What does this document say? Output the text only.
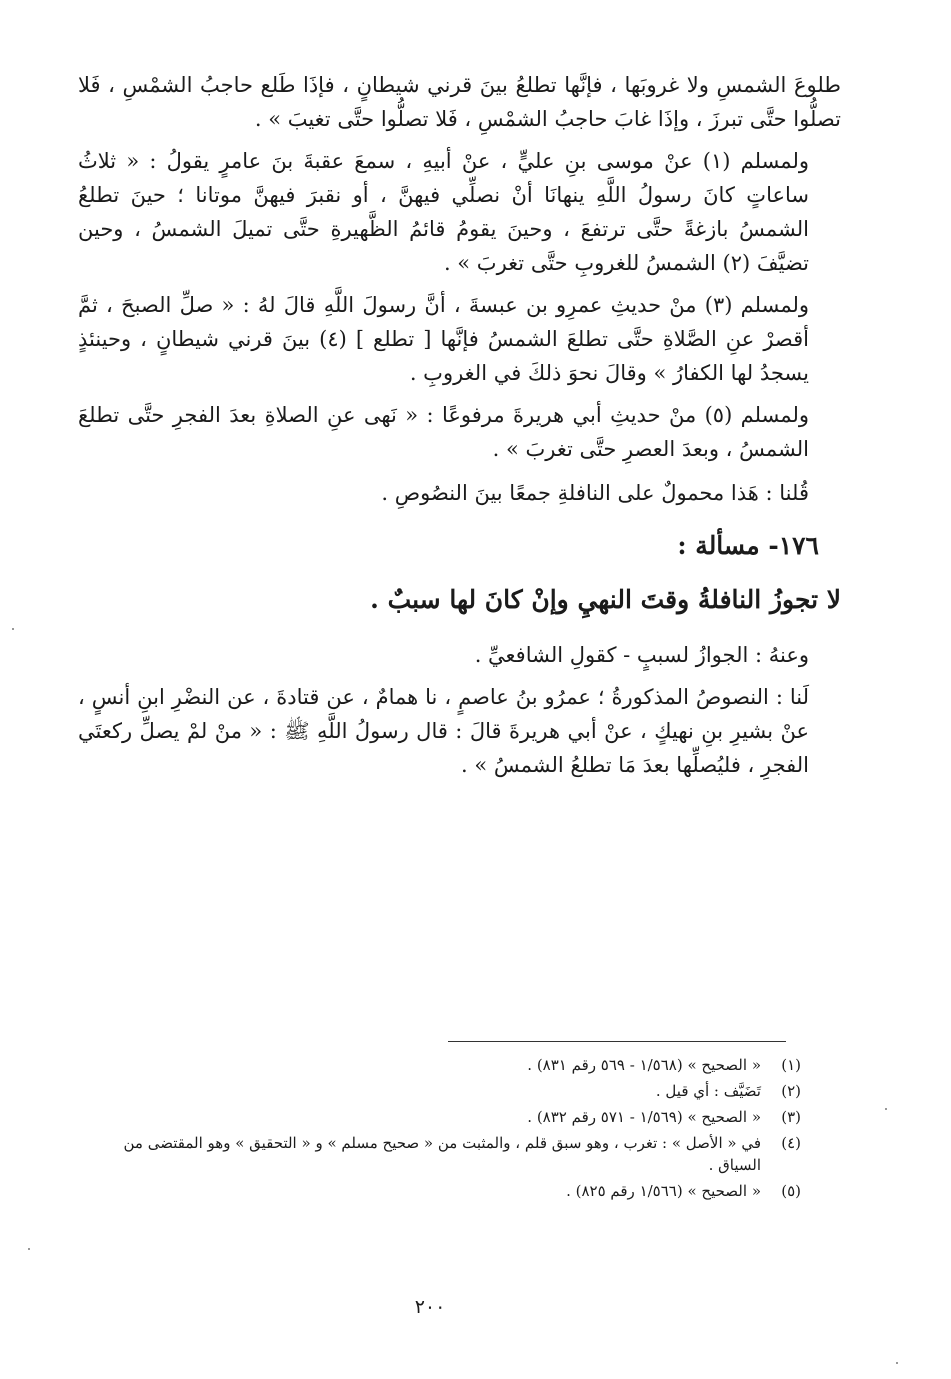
طلوعَ الشمسِ ولا غروبَها ، فإنَّها تطلعُ بينَ قرني شيطانٍ ، فإذَا طَلع حاجبُ الشمْسِ ، فَلا تصلُّوا حتَّى تبرزَ ، وإذَا غابَ حاجبُ الشمْسِ ، فَلا تصلُّوا حتَّى تغيبَ » .

ولمسلم (١) عنْ موسى بنِ عليٍّ ، عنْ أبيهِ ، سمعَ عقبةَ بنَ عامرٍ يقولُ : « ثلاثُ ساعاتٍ كانَ رسولُ اللَّهِ ينهانَا أنْ نصلِّي فيهنَّ ، أو نقبرَ فيهنَّ موتانا ؛ حينَ تطلعُ الشمسُ بازغةً حتَّى ترتفعَ ، وحينَ يقومُ قائمُ الظَّهيرةِ حتَّى تميلَ الشمسُ ، وحين تضيَّفَ (٢) الشمسُ للغروبِ حتَّى تغربَ » .

ولمسلم (٣) منْ حديثِ عمرِو بن عبسةَ ، أنَّ رسولَ اللَّهِ قالَ لهُ : « صلِّ الصبحَ ، ثمَّ أقصرْ عنِ الصَّلاةِ حتَّى تطلعَ الشمسُ فإنَّها [ تطلع ] (٤) بينَ قرني شيطانٍ ، وحينئذٍ يسجدُ لها الكفارُ » وقالَ نحوَ ذلكَ في الغروبِ .

ولمسلم (٥) منْ حديثِ أبي هريرةَ مرفوعًا : « نَهى عنِ الصلاةِ بعدَ الفجرِ حتَّى تطلعَ الشمسُ ، وبعدَ العصرِ حتَّى تغربَ » .

قُلنا : هَذا محمولٌ على النافلةِ جمعًا بينَ النصُوصِ .

١٧٦- مسألة :
لا تجوزُ النافلةُ وقتَ النهيِ وإنْ كانَ لها سببٌ .

وعنهُ : الجوازُ لسببٍ - كقولِ الشافعيِّ .

لَنا : النصوصُ المذكورةُ ؛ عمرُو بنُ عاصمٍ ، نا همامٌ ، عن قتادةَ ، عن النضْرِ ابنِ أنسٍ ، عنْ بشيرِ بنِ نهيكٍ ، عنْ أبي هريرةَ قالَ : قال رسولُ اللَّهِ ﷺ : « منْ لمْ يصلِّ ركعتَي الفجرِ ، فليُصلِّها بعدَ مَا تطلعُ الشمسُ » .

(١)
« الصحيح » (١/٥٦٨ - ٥٦٩ رقم ٨٣١) .
(٢)
تَضَيَّف : أي قيل .
(٣)
« الصحيح » (١/٥٦٩ - ٥٧١ رقم ٨٣٢) .
(٤)
في « الأصل » : تغرب ، وهو سبق قلم ، والمثبت من « صحيح مسلم » و « التحقيق » وهو المقتضى من السياق .
(٥)
« الصحيح » (١/٥٦٦ رقم ٨٢٥) .
٢٠٠
